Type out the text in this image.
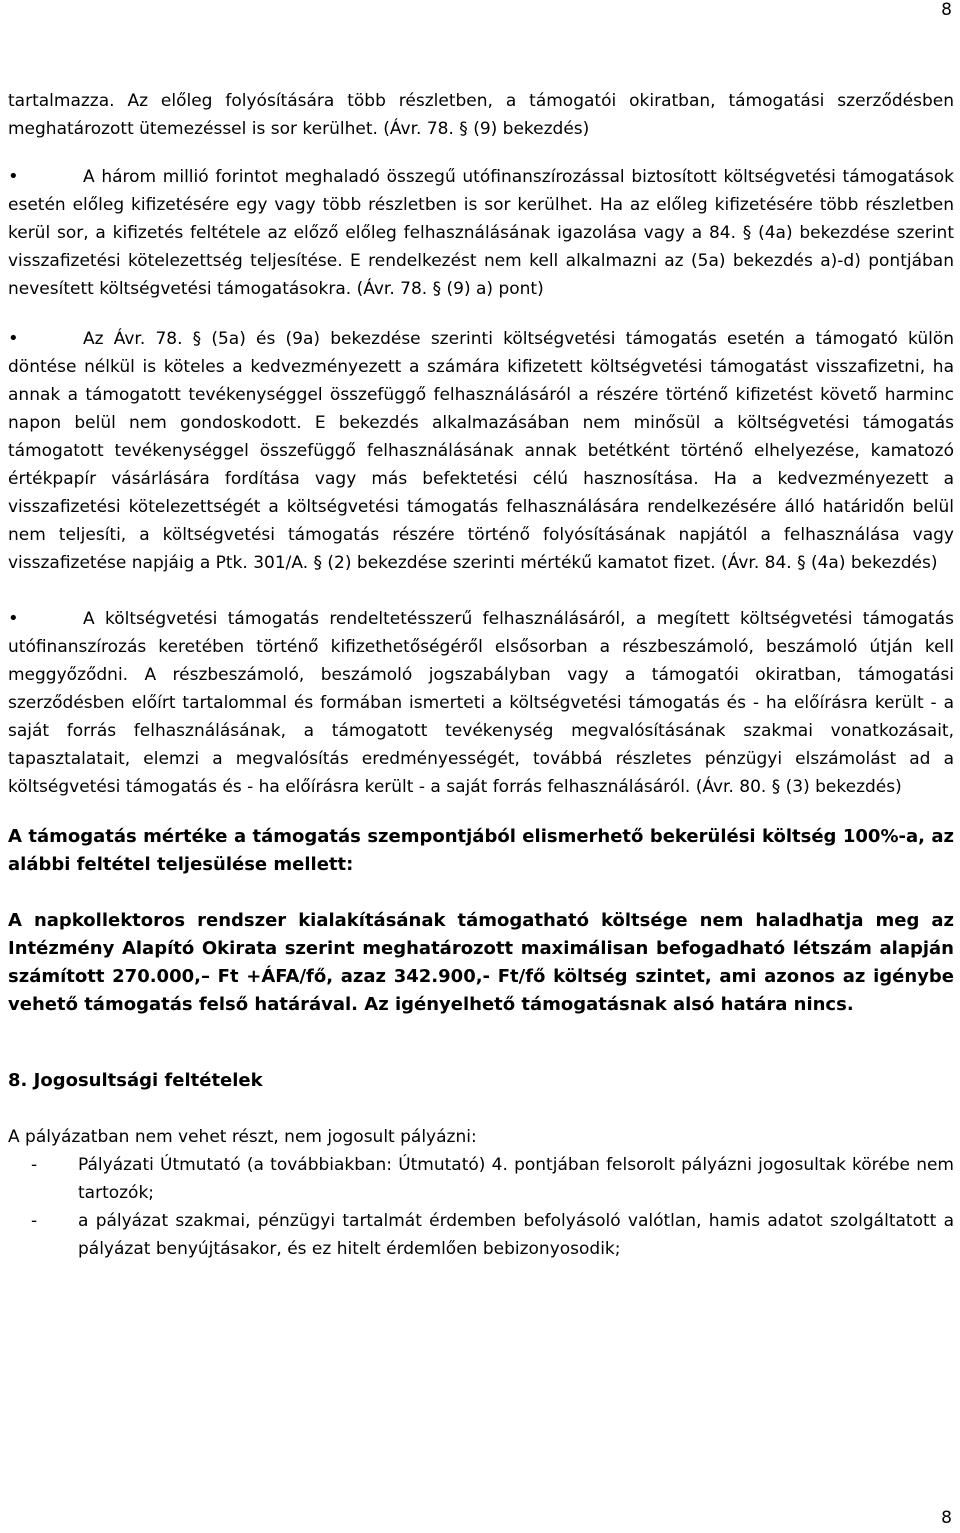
8

tartalmazza. Az előleg folyósítására több részletben, a támogatói okiratban, támogatási szerződésben meghatározott ütemezéssel is sor kerülhet. (Ávr. 78. § (9) bekezdés)

•	A három millió forintot meghaladó összegű utófinanszírozással biztosított költségvetési támogatások esetén előleg kifizetésére egy vagy több részletben is sor kerülhet. Ha az előleg kifizetésére több részletben kerül sor, a kifizetés feltétele az előző előleg felhasználásának igazolása vagy a 84. § (4a) bekezdése szerint visszafizetési kötelezettség teljesítése. E rendelkezést nem kell alkalmazni az (5a) bekezdés a)-d) pontjában nevesített költségvetési támogatásokra. (Ávr. 78. § (9) a) pont)

•	Az Ávr. 78. § (5a) és (9a) bekezdése szerinti költségvetési támogatás esetén a támogató külön döntése nélkül is köteles a kedvezményezett a számára kifizetett költségvetési támogatást visszafizetni, ha annak a támogatott tevékenységgel összefüggő felhasználásáról a részére történő kifizetést követő harminc napon belül nem gondoskodott. E bekezdés alkalmazásában nem minősül a költségvetési támogatás támogatott tevékenységgel összefüggő felhasználásának annak betétként történő elhelyezése, kamatozó értékpapír vásárlására fordítása vagy más befektetési célú hasznosítása. Ha a kedvezményezett a visszafizetési kötelezettségét a költségvetési támogatás felhasználására rendelkezésére álló határidőn belül nem teljesíti, a költségvetési támogatás részére történő folyósításának napjától a felhasználása vagy visszafizetése napjáig a Ptk. 301/A. § (2) bekezdése szerinti mértékű kamatot fizet. (Ávr. 84. § (4a) bekezdés)

•	A költségvetési támogatás rendeltetésszerű felhasználásáról, a megített költségvetési támogatás utófinanszírozás keretében történő kifizethetőségéről elsősorban a részbeszámoló, beszámoló útján kell meggyőződni. A részbeszámoló, beszámoló jogszabályban vagy a támogatói okiratban, támogatási szerződésben előírt tartalommal és formában ismerteti a költségvetési támogatás és - ha előírásra került - a saját forrás felhasználásának, a támogatott tevékenység megvalósításának szakmai vonatkozásait, tapasztalatait, elemzi a megvalósítás eredményességét, továbbá részletes pénzügyi elszámolást ad a költségvetési támogatás és - ha előírásra került - a saját forrás felhasználásáról. (Ávr. 80. § (3) bekezdés)

A támogatás mértéke a támogatás szempontjából elismerhető bekerülési költség 100%-a, az alábbi feltétel teljesülése mellett:

A napkollektoros rendszer kialakításának támogatható költsége nem haladhatja meg az Intézmény Alapító Okirata szerint meghatározott maximálisan befogadható létszám alapján számított 270.000,– Ft +ÁFA/fő, azaz 342.900,- Ft/fő költség szintet, ami azonos az igénybe vehető támogatás felső határával. Az igényelhető támogatásnak alsó határa nincs.

8. Jogosultsági feltételek

A pályázatban nem vehet részt, nem jogosult pályázni:

- Pályázati Útmutató (a továbbiakban: Útmutató) 4. pontjában felsorolt pályázni jogosultak körébe nem tartozók;

- a pályázat szakmai, pénzügyi tartalmát érdemben befolyásoló valótlan, hamis adatot szolgáltatott a pályázat benyújtásakor, és ez hitelt érdemlően bebizonyosodik;

8
